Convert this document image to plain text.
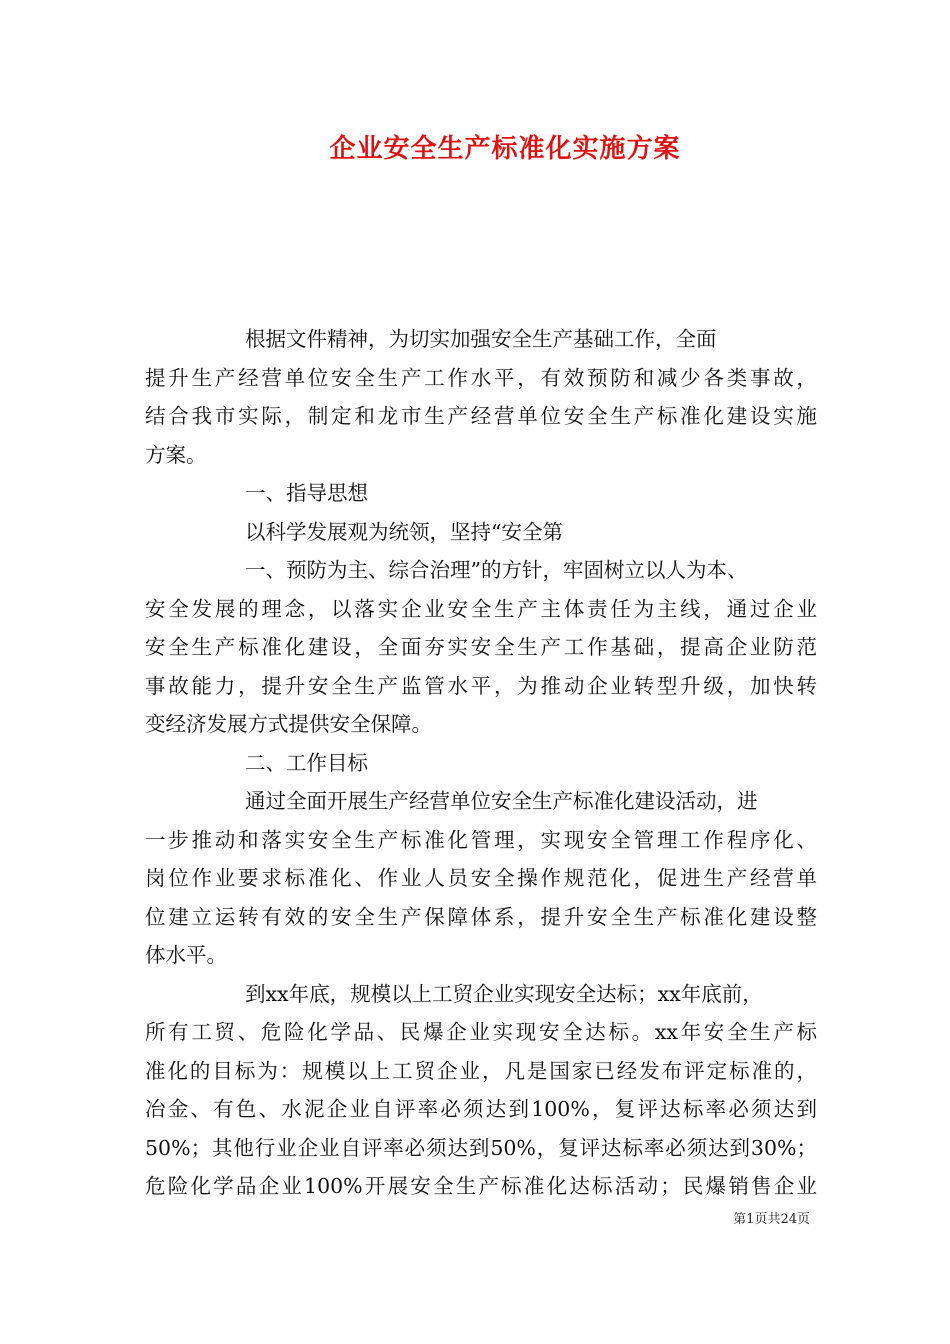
企业安全生产标准化实施方案
根据文件精神，为切实加强安全生产基础工作，全面
提升生产经营单位安全生产工作水平，有效预防和减少各类事故，
结合我市实际，制定和龙市生产经营单位安全生产标准化建设实施
方案。
一、指导思想
以科学发展观为统领，坚持“安全第
一、预防为主、综合治理”的方针，牢固树立以人为本、
安全发展的理念，以落实企业安全生产主体责任为主线，通过企业
安全生产标准化建设，全面夯实安全生产工作基础，提高企业防范
事故能力，提升安全生产监管水平，为推动企业转型升级，加快转
变经济发展方式提供安全保障。
二、工作目标
通过全面开展生产经营单位安全生产标准化建设活动，进
一步推动和落实安全生产标准化管理，实现安全管理工作程序化、
岗位作业要求标准化、作业人员安全操作规范化，促进生产经营单
位建立运转有效的安全生产保障体系，提升安全生产标准化建设整
体水平。
到xx年底，规模以上工贸企业实现安全达标；xx年底前，
所有工贸、危险化学品、民爆企业实现安全达标。xx年安全生产标
准化的目标为：规模以上工贸企业，凡是国家已经发布评定标准的，
冶金、有色、水泥企业自评率必须达到100%，复评达标率必须达到
50%；其他行业企业自评率必须达到50%，复评达标率必须达到30%；
危险化学品企业100%开展安全生产标准化达标活动；民爆销售企业
第1页共24页
